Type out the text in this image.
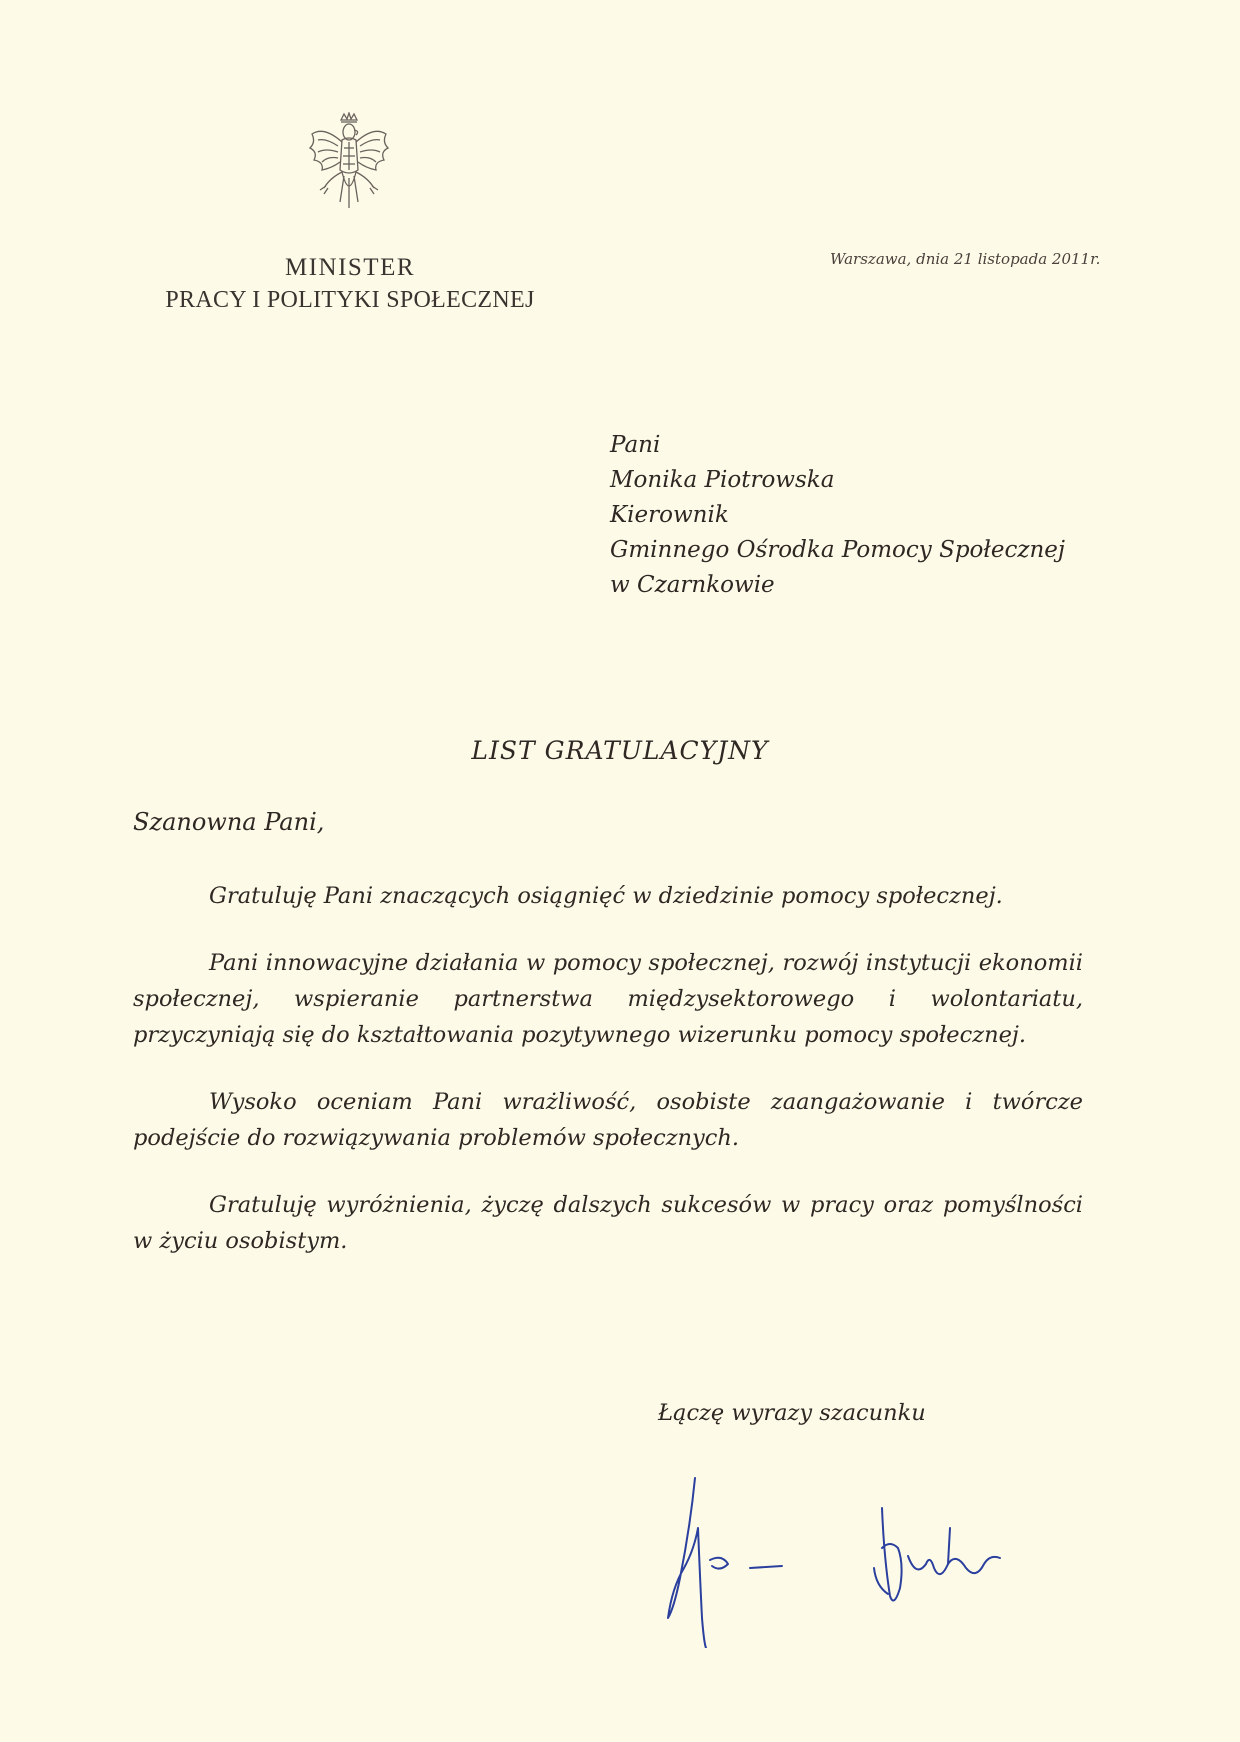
MINISTER
PRACY I POLITYKI SPOŁECZNEJ
Warszawa, dnia 21 listopada 2011r.
Pani
Monika Piotrowska
Kierownik
Gminnego Ośrodka Pomocy Społecznej
w Czarnkowie
LIST GRATULACYJNY
Szanowna Pani,

Gratuluję Pani znaczących osiągnięć w dziedzinie pomocy społecznej.

Pani innowacyjne działania w pomocy społecznej, rozwój instytucji ekonomii społecznej, wspieranie partnerstwa międzysektorowego i wolontariatu, przyczyniają się do kształtowania pozytywnego wizerunku pomocy społecznej.

Wysoko oceniam Pani wrażliwość, osobiste zaangażowanie i twórcze podejście do rozwiązywania problemów społecznych.

Gratuluję wyróżnienia, życzę dalszych sukcesów w pracy oraz pomyślności w życiu osobistym.

Łączę wyrazy szacunku
